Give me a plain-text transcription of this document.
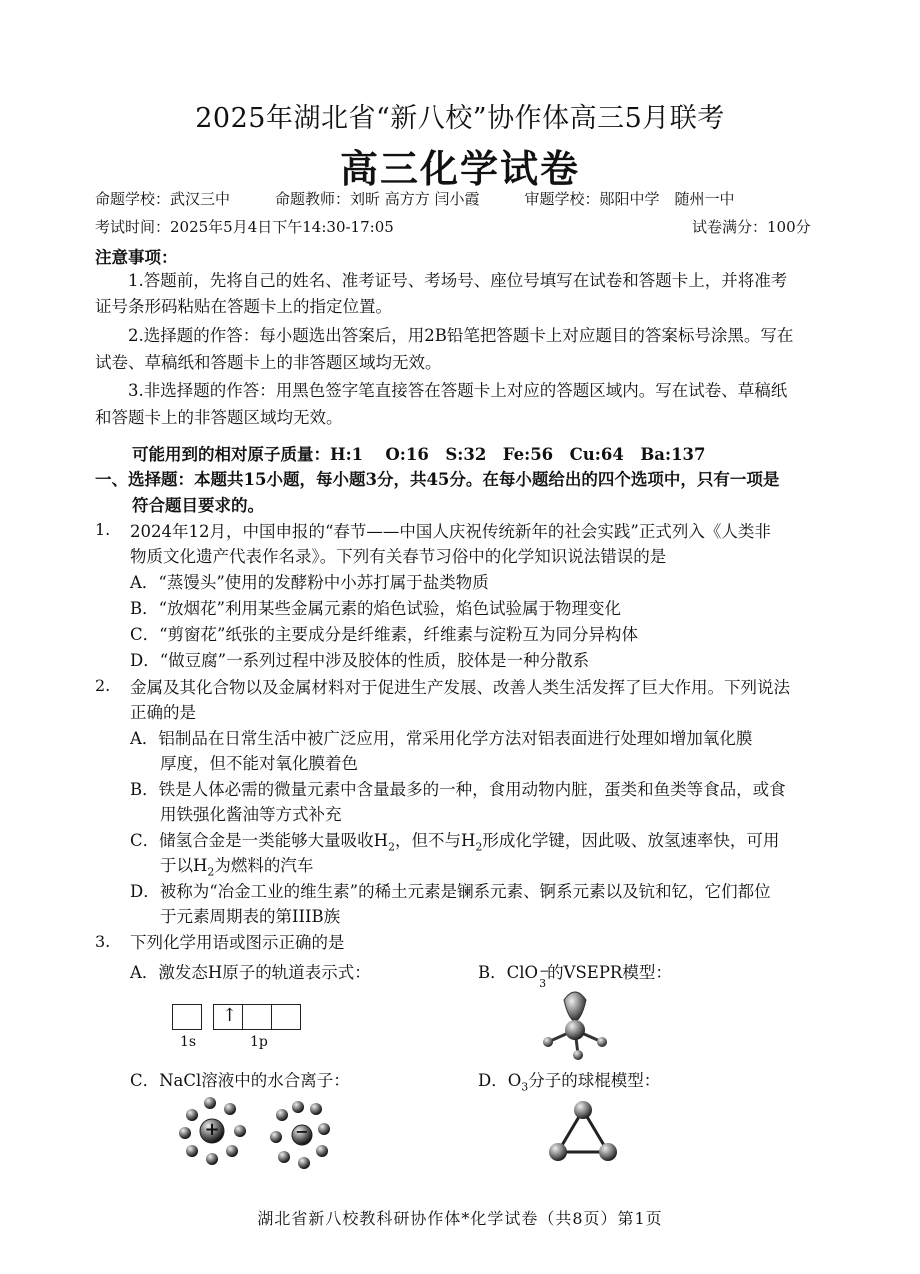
2025年湖北省“新八校”协作体高三5月联考
高三化学试卷
命题学校：武汉三中　　　命题教师：刘昕 高方方 闫小霞　　　审题学校：郧阳中学　随州一中
考试时间：2025年5月4日下午14:30-17:05	试卷满分：100分
注意事项：
1.答题前，先将自己的姓名、准考证号、考场号、座位号填写在试卷和答题卡上，并将准考
证号条形码粘贴在答题卡上的指定位置。
2.选择题的作答：每小题选出答案后，用2B铅笔把答题卡上对应题目的答案标号涂黑。写在
试卷、草稿纸和答题卡上的非答题区域均无效。
3.非选择题的作答：用黑色签字笔直接答在答题卡上对应的答题区域内。写在试卷、草稿纸
和答题卡上的非答题区域均无效。
可能用到的相对原子质量：H:1　 O:16　S:32　Fe:56　Cu:64　Ba:137
一、选择题：本题共15小题，每小题3分，共45分。在每小题给出的四个选项中，只有一项是
符合题目要求的。
1. 2024年12月，中国申报的“春节——中国人庆祝传统新年的社会实践”正式列入《人类非
物质文化遗产代表作名录》。下列有关春节习俗中的化学知识说法错误的是
A．“蒸馒头”使用的发酵粉中小苏打属于盐类物质
B．“放烟花”利用某些金属元素的焰色试验，焰色试验属于物理变化
C．“剪窗花”纸张的主要成分是纤维素，纤维素与淀粉互为同分异构体
D．“做豆腐”一系列过程中涉及胶体的性质，胶体是一种分散系
2. 金属及其化合物以及金属材料对于促进生产发展、改善人类生活发挥了巨大作用。下列说法
正确的是
A．铝制品在日常生活中被广泛应用，常采用化学方法对铝表面进行处理如增加氧化膜
厚度，但不能对氧化膜着色
B．铁是人体必需的微量元素中含量最多的一种，食用动物内脏，蛋类和鱼类等食品，或食
用铁强化酱油等方式补充
C．储氢合金是一类能够大量吸收$H_2$，但不与$H_2$形成化学键，因此吸、放氢速率快，可用
于以$H_2$为燃料的汽车
D．被称为“冶金工业的维生素”的稀土元素是镧系元素、锕系元素以及钪和钇，它们都位
于元素周期表的第IIIB族
3. 下列化学用语或图示正确的是
A．激发态H原子的轨道表示式：	B．ClO −
3
的VSEPR模型：
↑
1s	1p
C．NaCl溶液中的水合离子：	D．$O_3$分子的球棍模型：
+	−
湖北省新八校教科研协作体*化学试卷（共8页）第1页
